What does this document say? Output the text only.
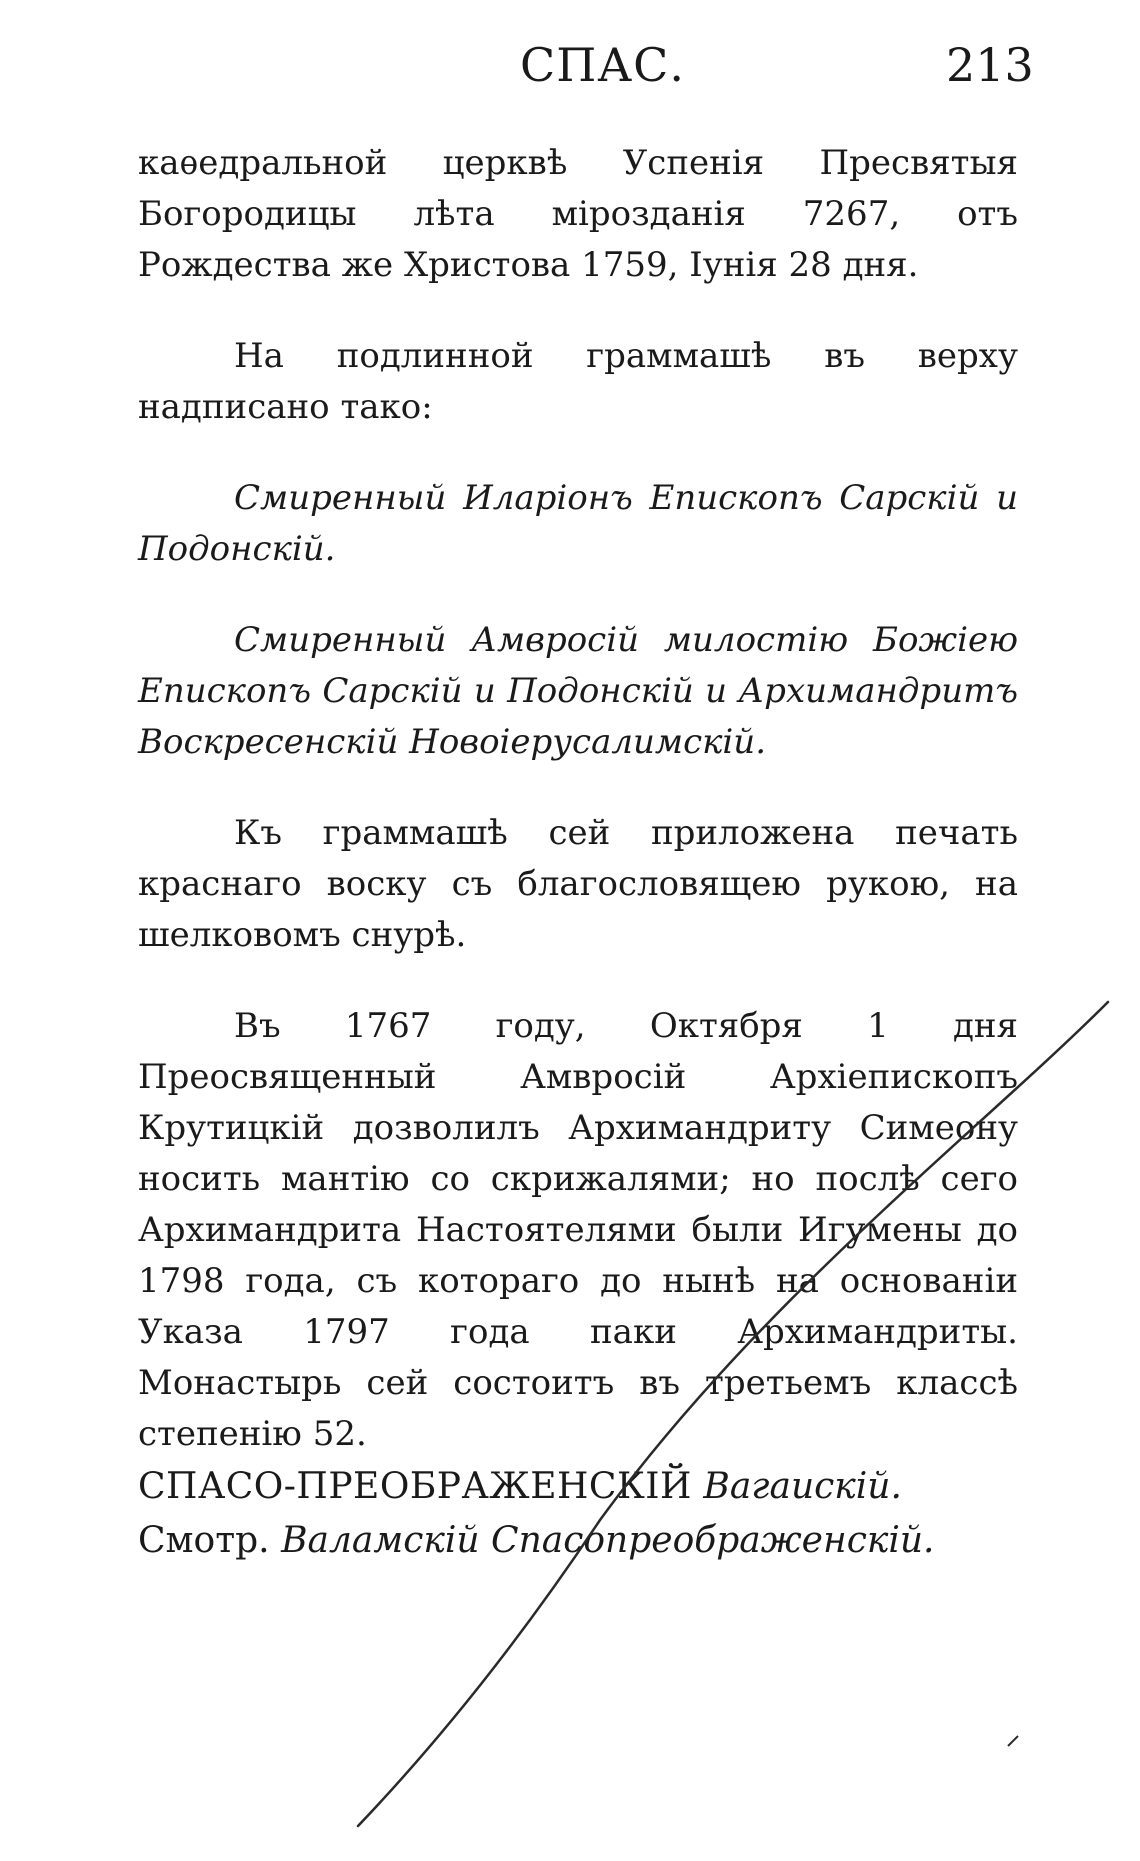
СПАС.	213

каѳедральной церквѣ Успенія Пресвятыя Богородицы лѣта мірозданія 7267, отъ Рождества же Христова 1759, Іунія 28 дня.

На подлинной граммашѣ въ верху надписано тако:

Смиренный Иларіонъ Епископъ Сарскій и Подонскій.

Смиренный Амвросій милостію Божіею Епископъ Сарскій и Подонскій и Архимандритъ Воскресенскій Новоіерусалимскій.

Къ граммашѣ сей приложена печать краснаго воску съ благословящею рукою, на шелковомъ снурѣ.

Въ 1767 году, Октября 1 дня Преосвященный Амвросій Архіепископъ Крутицкій дозволилъ Архимандриту Симеону носить мантію со скрижалями; но послѣ сего Архимандрита Настоятелями были Игумены до 1798 года, съ котораго до нынѣ на основаніи Указа 1797 года паки Архимандриты. Монастырь сей состоитъ въ третьемъ классѣ степенію 52.

СПАСО-ПРЕОБРАЖЕНСКІЙ Вагаискій.

Смотр. Валамскій Спасопреображенскій.
